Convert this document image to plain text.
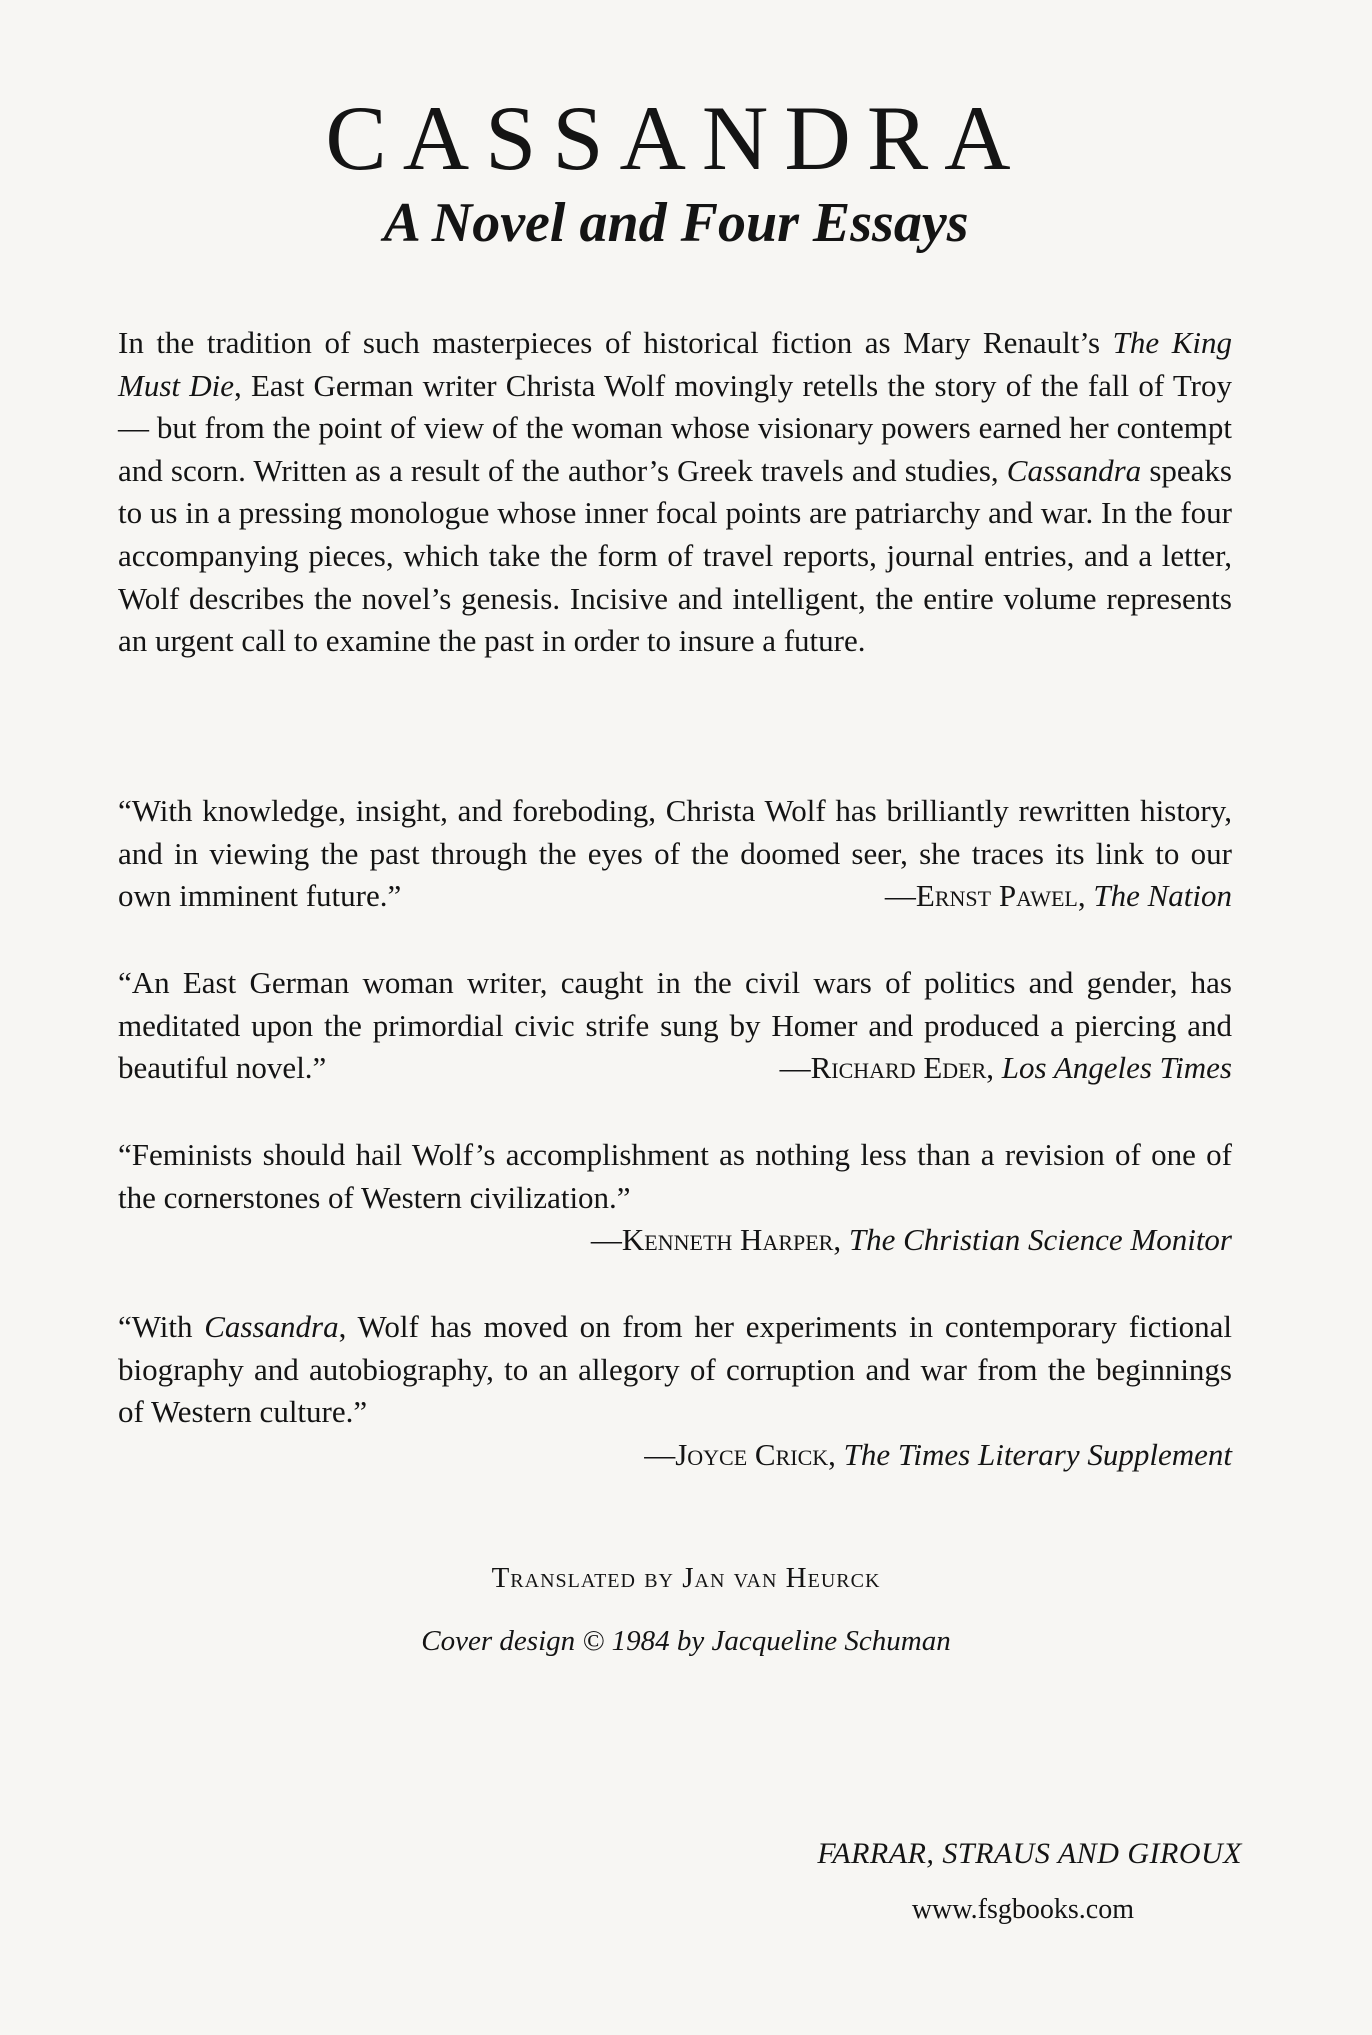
CASSANDRA
A Novel and Four Essays

In the tradition of such masterpieces of historical fiction as Mary Renault’s The King Must Die, East German writer Christa Wolf movingly retells the story of the fall of Troy — but from the point of view of the woman whose visionary powers earned her contempt and scorn. Written as a result of the author’s Greek travels and studies, Cassandra speaks to us in a pressing monologue whose inner focal points are patriarchy and war. In the four accompanying pieces, which take the form of travel reports, journal entries, and a letter, Wolf describes the novel’s genesis. Incisive and intelligent, the entire volume represents an urgent call to examine the past in order to insure a future.

“With knowledge, insight, and foreboding, Christa Wolf has brilliantly rewritten history, and in viewing the past through the eyes of the doomed seer, she traces its link to our own imminent future.”	—Ernst Pawel, The Nation

“An East German woman writer, caught in the civil wars of politics and gender, has meditated upon the primordial civic strife sung by Homer and produced a piercing and beautiful novel.”	—Richard Eder, Los Angeles Times

“Feminists should hail Wolf’s accomplishment as nothing less than a revision of one of the cornerstones of Western civilization.”
—Kenneth Harper, The Christian Science Monitor

“With Cassandra, Wolf has moved on from her experiments in contemporary fictional biography and autobiography, to an allegory of corruption and war from the beginnings of Western culture.”
—Joyce Crick, The Times Literary Supplement

Translated by Jan van Heurck
Cover design © 1984 by Jacqueline Schuman
FARRAR, STRAUS AND GIROUX
www.fsgbooks.com
